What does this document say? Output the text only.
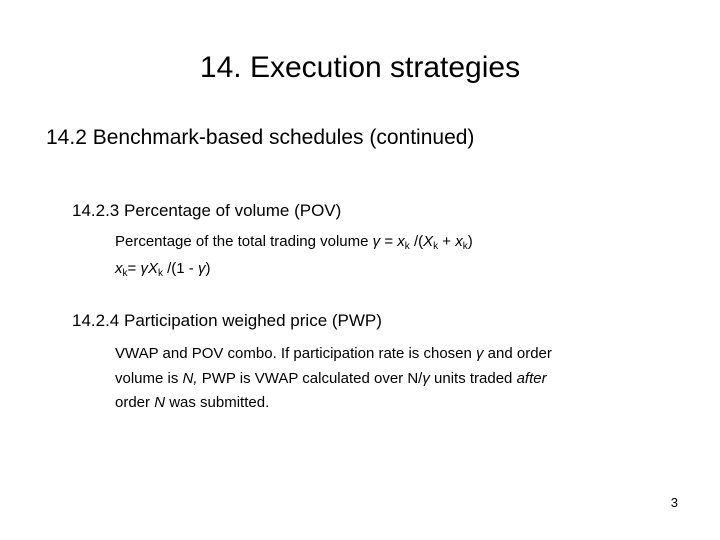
14. Execution strategies
14.2 Benchmark-based schedules (continued)
14.2.3 Percentage of volume (POV)
Percentage of the total trading volume $\gamma = x_k$ $/(X_k + x_k)$
$x_k= \gamma X_k$ /(1 - γ)
14.2.4 Participation weighed price (PWP)
VWAP and POV combo. If participation rate is chosen γ and order
volume is N, PWP is VWAP calculated over N/γ units traded after
order N was submitted.
3
